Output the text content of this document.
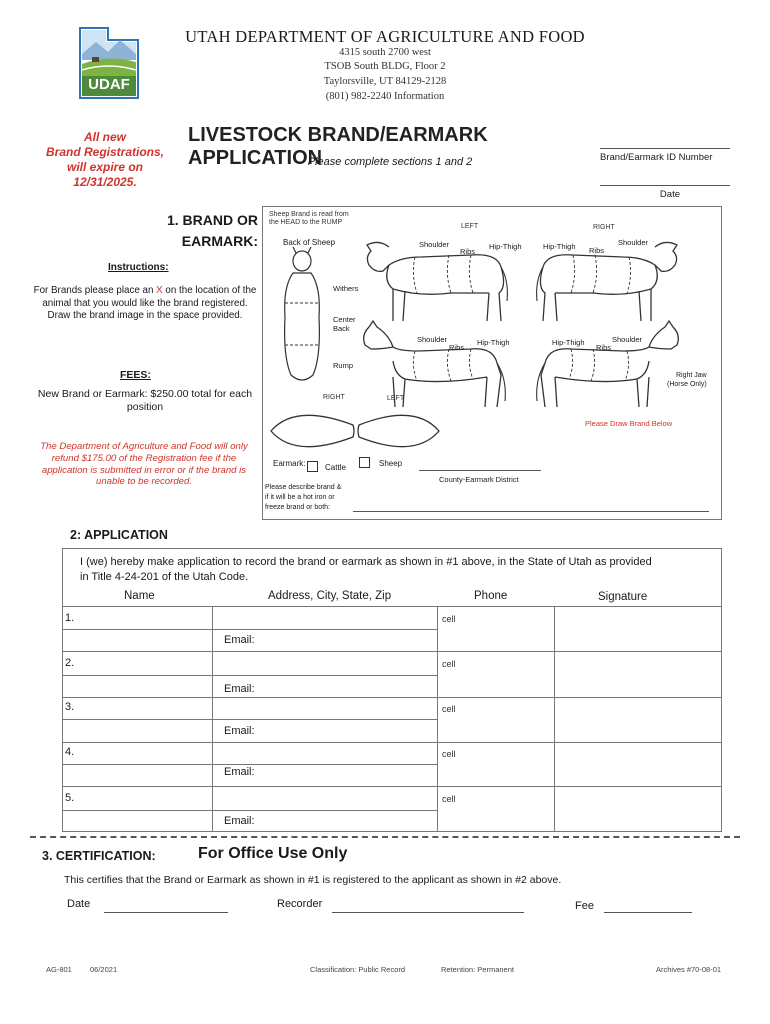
UDAF
UTAH DEPARTMENT OF AGRICULTURE AND FOOD
4315 south 2700 west
TSOB South BLDG, Floor 2
Taylorsville, UT 84129-2128
(801) 982-2240 Information
All new
Brand Registrations,
will expire on
12/31/2025.
LIVESTOCK BRAND/EARMARK APPLICATION
Please complete sections 1 and 2	Brand/Earmark ID Number
Date
1. BRAND OR
EARMARK:
Instructions:
For Brands please place an X on the location of the animal that you would like the brand registered. Draw the brand image in the space provided.
FEES:
New Brand or Earmark: $250.00 total for each position
The Department of Agriculture and Food will only refund $175.00 of the Registration fee if the application is submitted in error or if the brand is unable to be recorded.
Sheep Brand is read from
the HEAD to the RUMP
Back of Sheep
Withers
Center
Back
Rump
LEFT	RIGHT
Shoulder
Ribs
Hip-Thigh	Hip-Thigh Ribs
Shoulder
Shoulder
Ribs
Hip-Thigh	Hip-Thigh
Ribs
Shoulder
Right Jaw
(Horse Only)
RIGHT	LEFT
Please Draw Brand Below
Earmark: Cattle	Sheep
County-Earmark District
Please describe brand &
if it will be a hot iron or
freeze brand or both:
2: APPLICATION
I (we) hereby make application to record the brand or earmark as shown in #1 above, in the State of Utah as provided
in Title 4-24-201 of the Utah Code.
Name	Address, City, State, Zip	Phone	Signature
1.	cell
Email:
2.	cell
Email:
3.	cell
Email:
4.	cell
Email:
5.	cell
Email:
3. CERTIFICATION:	For Office Use Only
This certifies that the Brand or Earmark as shown in #1 is registered to the applicant as shown in #2 above.
Date	Recorder	Fee
AG-801 06/2021	Classification: Public Record	Retention: Permanent	Archives #70-08-01
